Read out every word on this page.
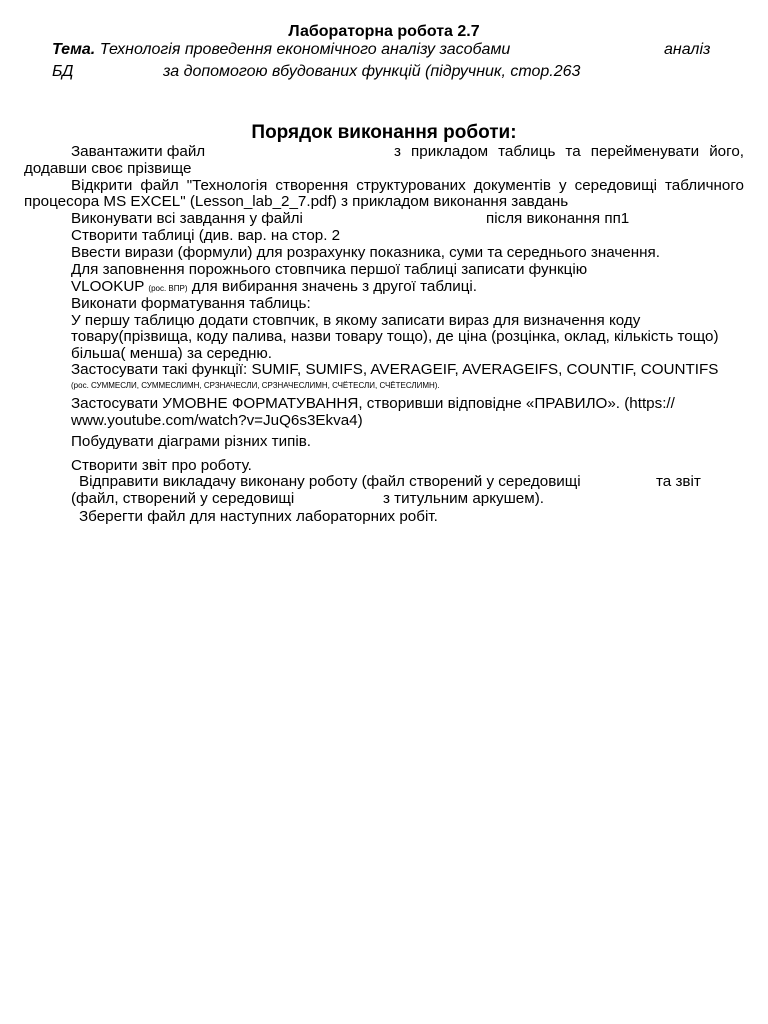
Лабораторна робота 2.7
Тема. Технологія проведення економічного аналізу засобами	аналіз
БД	за допомогою вбудованих функцій (підручник, стор.263
Порядок виконання роботи:
Завантажити файл	з прикладом таблиць та перейменувати його,
додавши своє прізвище
Відкрити файл "Технологія створення структурованих документів у середовищі табличного
процесора MS EXCEL" (Lesson_lab_2_7.pdf) з прикладом виконання завдань
Виконувати всі завдання у файлі	після виконання пп1
Створити таблиці (див. вар. на стор. 2
Ввести вирази (формули) для розрахунку показника, суми та середнього значення.
Для заповнення порожнього стовпчика першої таблиці записати функцію
VLOOKUP (рос. ВПР) для вибирання значень з другої таблиці.
Виконати форматування таблиць:
У першу таблицю додати стовпчик, в якому записати вираз для визначення коду
товару(прізвища, коду палива, назви товару тощо), де ціна (розцінка, оклад, кількість тощо)
більша( менша) за середню.
Застосувати такі функції: SUMIF, SUMIFS, AVERAGEIF, AVERAGEIFS, COUNTIF, COUNTIFS
(рос. СУММЕСЛИ, СУММЕСЛИМН, СРЗНАЧЕСЛИ, СРЗНАЧЕСЛИМН, СЧЁТЕСЛИ, СЧЁТЕСЛИМН).
Застосувати УМОВНЕ ФОРМАТУВАННЯ, створивши відповідне «ПРАВИЛО». (https://
www.youtube.com/watch?v=JuQ6s3Ekva4)
Побудувати діаграми різних типів.
Створити звіт про роботу.
Відправити викладачу виконану роботу (файл створений у середовищі	та звіт
(файл, створений у середовищі	з титульним аркушем).
Зберегти файл для наступних лабораторних робіт.
